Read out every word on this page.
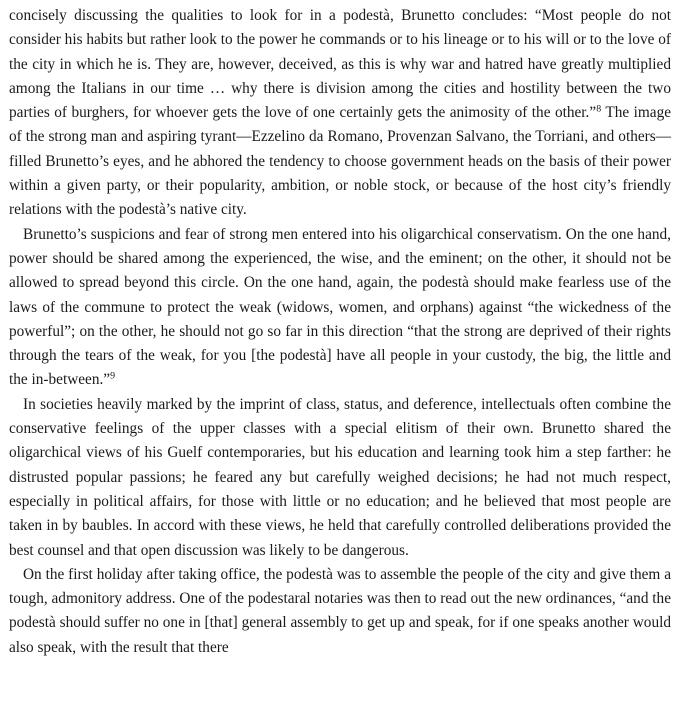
concisely discussing the qualities to look for in a podestà, Brunetto concludes: “Most people do not consider his habits but rather look to the power he commands or to his lineage or to his will or to the love of the city in which he is. They are, however, deceived, as this is why war and hatred have greatly multiplied among the Italians in our time … why there is division among the cities and hostility between the two parties of burghers, for whoever gets the love of one certainly gets the animosity of the other.”$^8$ The image of the strong man and aspiring tyrant—Ezzelino da Romano, Provenzan Salvano, the Torriani, and others—filled Brunetto’s eyes, and he abhored the tendency to choose government heads on the basis of their power within a given party, or their popularity, ambition, or noble stock, or because of the host city’s friendly relations with the podestà’s native city.

Brunetto’s suspicions and fear of strong men entered into his oligarchical conservatism. On the one hand, power should be shared among the experienced, the wise, and the eminent; on the other, it should not be allowed to spread beyond this circle. On the one hand, again, the podestà should make fearless use of the laws of the commune to protect the weak (widows, women, and orphans) against “the wickedness of the powerful”; on the other, he should not go so far in this direction “that the strong are deprived of their rights through the tears of the weak, for you [the podestà] have all people in your custody, the big, the little and the in-between.”$^9$

In societies heavily marked by the imprint of class, status, and deference, intellectuals often combine the conservative feelings of the upper classes with a special elitism of their own. Brunetto shared the oligarchical views of his Guelf contemporaries, but his education and learning took him a step farther: he distrusted popular passions; he feared any but carefully weighed decisions; he had not much respect, especially in political affairs, for those with little or no education; and he believed that most people are taken in by baubles. In accord with these views, he held that carefully controlled deliberations provided the best counsel and that open discussion was likely to be dangerous.

On the first holiday after taking office, the podestà was to assemble the people of the city and give them a tough, admonitory address. One of the podestaral notaries was then to read out the new ordinances, “and the podestà should suffer no one in [that] general assembly to get up and speak, for if one speaks another would also speak, with the result that there
